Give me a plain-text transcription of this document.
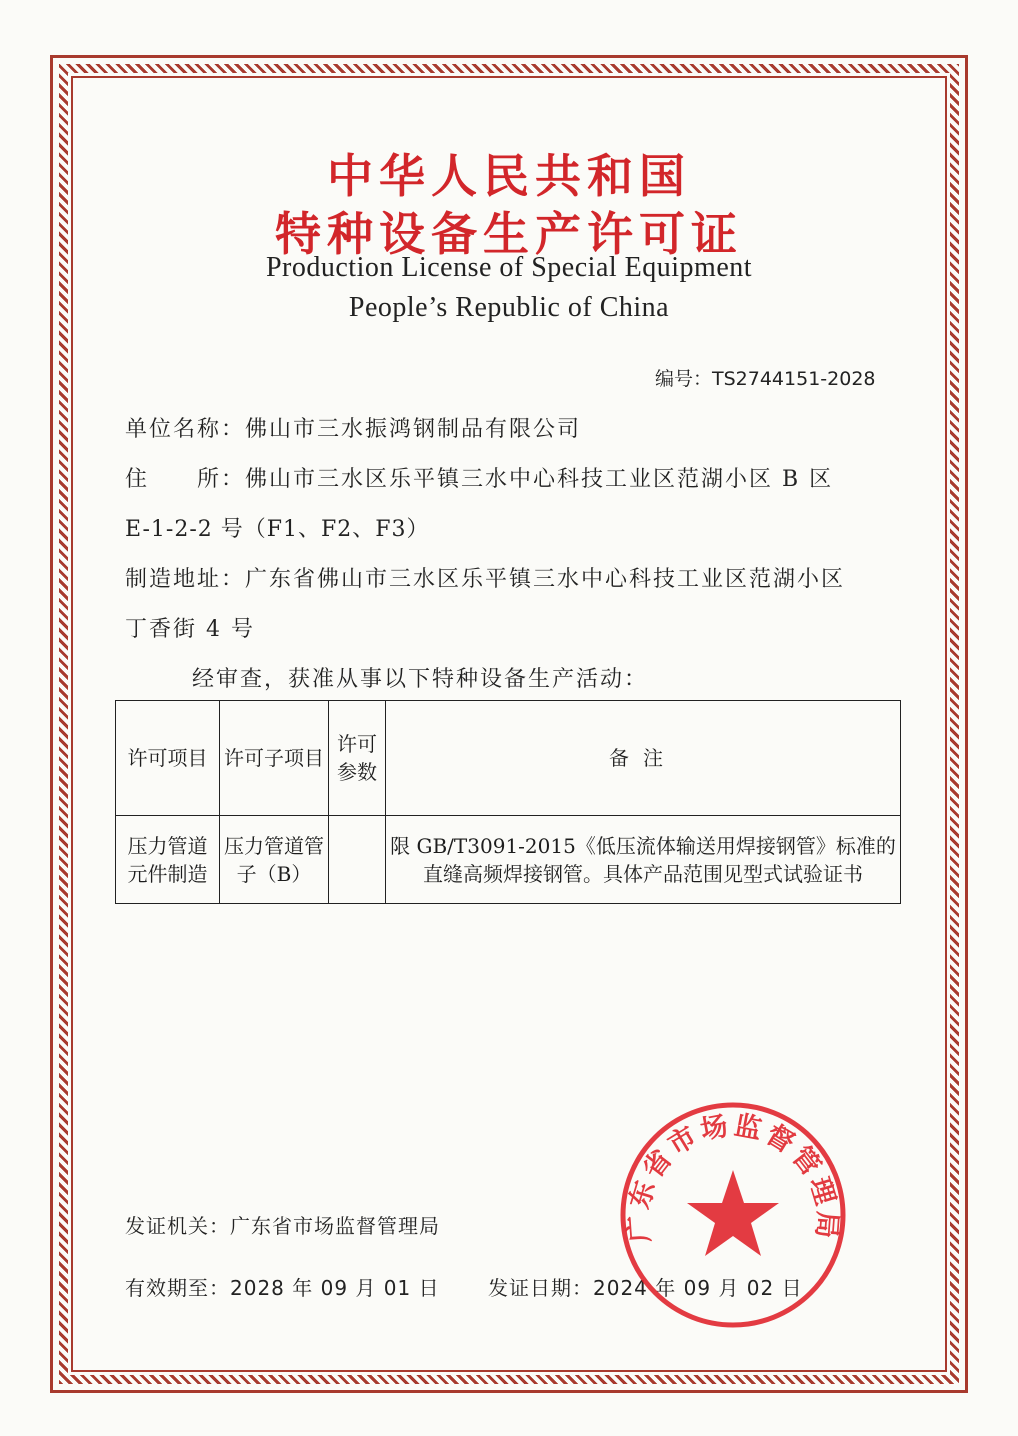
中华人民共和国
特种设备生产许可证
Production License of Special Equipment
People’s Republic of China
编号：TS2744151-2028
单位名称：佛山市三水振鸿钢制品有限公司
住　　所：佛山市三水区乐平镇三水中心科技工业区范湖小区 B 区
E-1-2-2 号（F1、F2、F3）
制造地址：广东省佛山市三水区乐平镇三水中心科技工业区范湖小区
丁香街 4 号
经审查，获准从事以下特种设备生产活动：
许可项目	许可子项目	许可参数	备注
压力管道元件制造	压力管道管子（B）		限 GB/T3091-2015《低压流体输送用焊接钢管》标准的直缝高频焊接钢管。具体产品范围见型式试验证书
发证机关：广东省市场监督管理局
有效期至：2028 年 09 月 01 日 发证日期：2024 年 09 月 02 日
广东省市场监督管理局
